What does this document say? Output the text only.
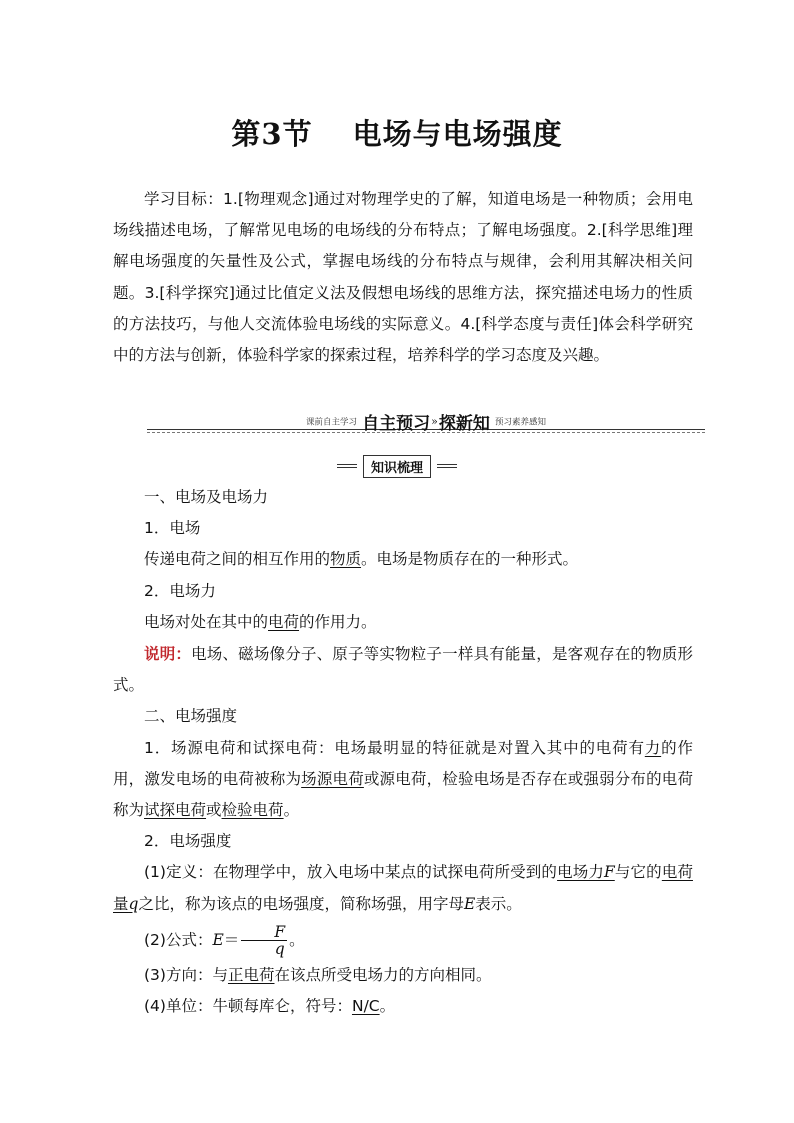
第3节 电场与电场强度

学习目标：1.[物理观念]通过对物理学史的了解，知道电场是一种物质；会用电场线描述电场，了解常见电场的电场线的分布特点；了解电场强度。2.[科学思维]理解电场强度的矢量性及公式，掌握电场线的分布特点与规律，会利用其解决相关问题。3.[科学探究]通过比值定义法及假想电场线的思维方法，探究描述电场力的性质的方法技巧，与他人交流体验电场线的实际意义。4.[科学态度与责任]体会科学研究中的方法与创新，体验科学家的探索过程，培养科学的学习态度及兴趣。

课前自主学习 自主预习»探新知 预习素养感知
知识梳理

一、电场及电场力

1．电场

传递电荷之间的相互作用的物质。电场是物质存在的一种形式。

2．电场力

电场对处在其中的电荷的作用力。

说明：电场、磁场像分子、原子等实物粒子一样具有能量，是客观存在的物质形式。

二、电场强度

1．场源电荷和试探电荷：电场最明显的特征就是对置入其中的电荷有力的作用，激发电场的电荷被称为场源电荷或源电荷，检验电场是否存在或强弱分布的电荷称为试探电荷或检验电荷。

2．电场强度

(1)定义：在物理学中，放入电场中某点的试探电荷所受到的电场力F与它的电荷量q之比，称为该点的电场强度，简称场强，用字母E表示。

(2)公式：$E= \frac{F}{q}$ 。

(3)方向：与正电荷在该点所受电场力的方向相同。

(4)单位：牛顿每库仑，符号：N/C。
